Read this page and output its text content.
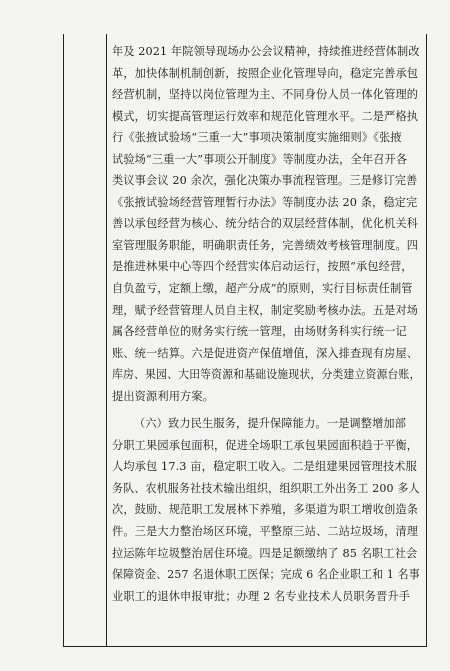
年及 2021 年院领导现场办公会议精神，持续推进经营体制改
革，加快体制机制创新，按照企业化管理导向，稳定完善承包
经营机制，坚持以岗位管理为主、不同身份人员一体化管理的
模式，切实提高管理运行效率和规范化管理水平。二是严格执
行《张掖试验场“三重一大”事项决策制度实施细则》《张掖
试验场“三重一大”事项公开制度》等制度办法，全年召开各
类议事会议 20 余次，强化决策办事流程管理。三是修订完善
《张掖试验场经营管理暂行办法》等制度办法 20 条，稳定完
善以承包经营为核心、统分结合的双层经营体制，优化机关科
室管理服务职能，明确职责任务，完善绩效考核管理制度。四
是推进林果中心等四个经营实体启动运行，按照“承包经营，
自负盈亏，定额上缴，超产分成”的原则，实行目标责任制管
理，赋予经营管理人员自主权，制定奖励考核办法。五是对场
属各经营单位的财务实行统一管理，由场财务科实行统一记
账、统一结算。六是促进资产保值增值，深入排查现有房屋、
库房、果园、大田等资源和基础设施现状，分类建立资源台账，
提出资源利用方案。
（六）致力民生服务，提升保障能力。一是调整增加部
分职工果园承包面积，促进全场职工承包果园面积趋于平衡，
人均承包 17.3 亩，稳定职工收入。二是组建果园管理技术服
务队、农机服务社技术输出组织，组织职工外出务工 200 多人
次，鼓励、规范职工发展林下养殖，多渠道为职工增收创造条
件。三是大力整治场区环境，平整原三站、二站垃圾场，清理
拉运陈年垃圾整治居住环境。四是足额缴纳了 85 名职工社会
保障资金、257 名退休职工医保；完成 6 名企业职工和 1 名事
业职工的退休申报审批；办理 2 名专业技术人员职务晋升手
